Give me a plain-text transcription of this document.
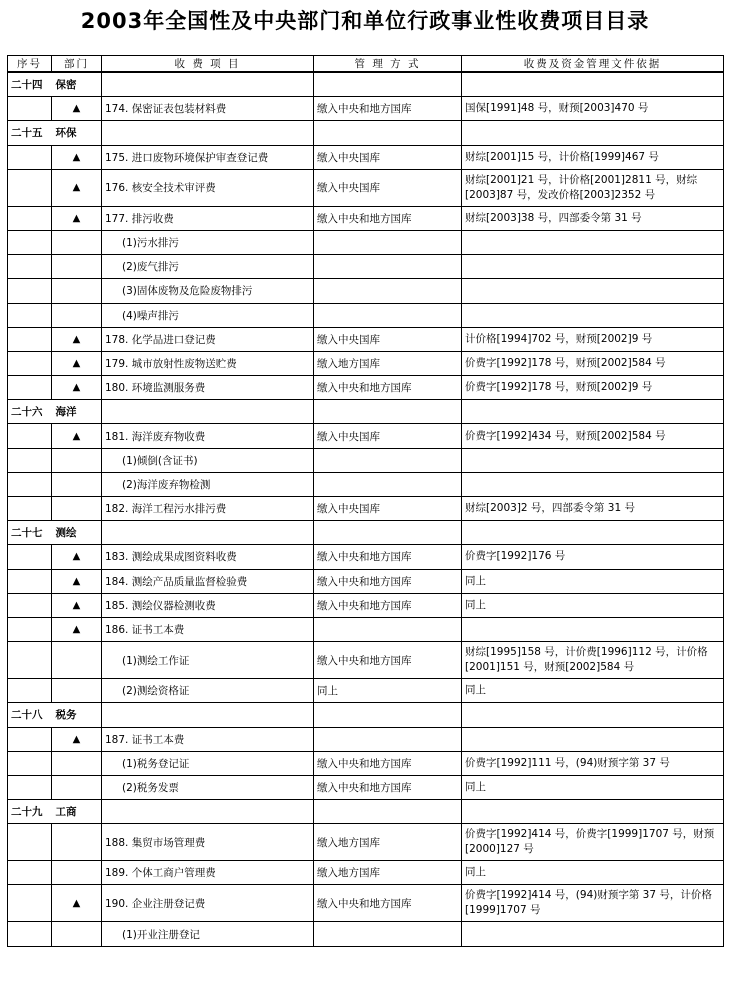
2003年全国性及中央部门和单位行政事业性收费项目目录
序号	部门	收 费 项 目	管 理 方 式	收费及资金管理文件依据
二十四	保密			
	▲	174. 保密证表包装材料费	缴入中央和地方国库	国保[1991]48 号，财预[2003]470 号
二十五	环保			
	▲	175. 进口废物环境保护审查登记费	缴入中央国库	财综[2001]15 号，计价格[1999]467 号
	▲	176. 核安全技术审评费	缴入中央国库	财综[2001]21 号，计价格[2001]2811 号，财综[2003]87 号，发改价格[2003]2352 号
	▲	177. 排污收费	缴入中央和地方国库	财综[2003]38 号，四部委令第 31 号
		(1)污水排污		
		(2)废气排污		
		(3)固体废物及危险废物排污		
		(4)噪声排污		
	▲	178. 化学品进口登记费	缴入中央国库	计价格[1994]702 号，财预[2002]9 号
	▲	179. 城市放射性废物送贮费	缴入地方国库	价费字[1992]178 号，财预[2002]584 号
	▲	180. 环境监测服务费	缴入中央和地方国库	价费字[1992]178 号，财预[2002]9 号
二十六	海洋			
	▲	181. 海洋废弃物收费	缴入中央国库	价费字[1992]434 号，财预[2002]584 号
		(1)倾倒(含证书)		
		(2)海洋废弃物检测		
		182. 海洋工程污水排污费	缴入中央国库	财综[2003]2 号，四部委令第 31 号
二十七	测绘			
	▲	183. 测绘成果成图资料收费	缴入中央和地方国库	价费字[1992]176 号
	▲	184. 测绘产品质量监督检验费	缴入中央和地方国库	同上
	▲	185. 测绘仪器检测收费	缴入中央和地方国库	同上
	▲	186. 证书工本费		
		(1)测绘工作证	缴入中央和地方国库	财综[1995]158 号，计价费[1996]112 号，计价格[2001]151 号，财预[2002]584 号
		(2)测绘资格证	同上	同上
二十八	税务			
	▲	187. 证书工本费		
		(1)税务登记证	缴入中央和地方国库	价费字[1992]111 号，(94)财预字第 37 号
		(2)税务发票	缴入中央和地方国库	同上
二十九	工商			
		188. 集贸市场管理费	缴入地方国库	价费字[1992]414 号，价费字[1999]1707 号，财预[2000]127 号
		189. 个体工商户管理费	缴入地方国库	同上
	▲	190. 企业注册登记费	缴入中央和地方国库	价费字[1992]414 号，(94)财预字第 37 号，计价格[1999]1707 号
		(1)开业注册登记		
